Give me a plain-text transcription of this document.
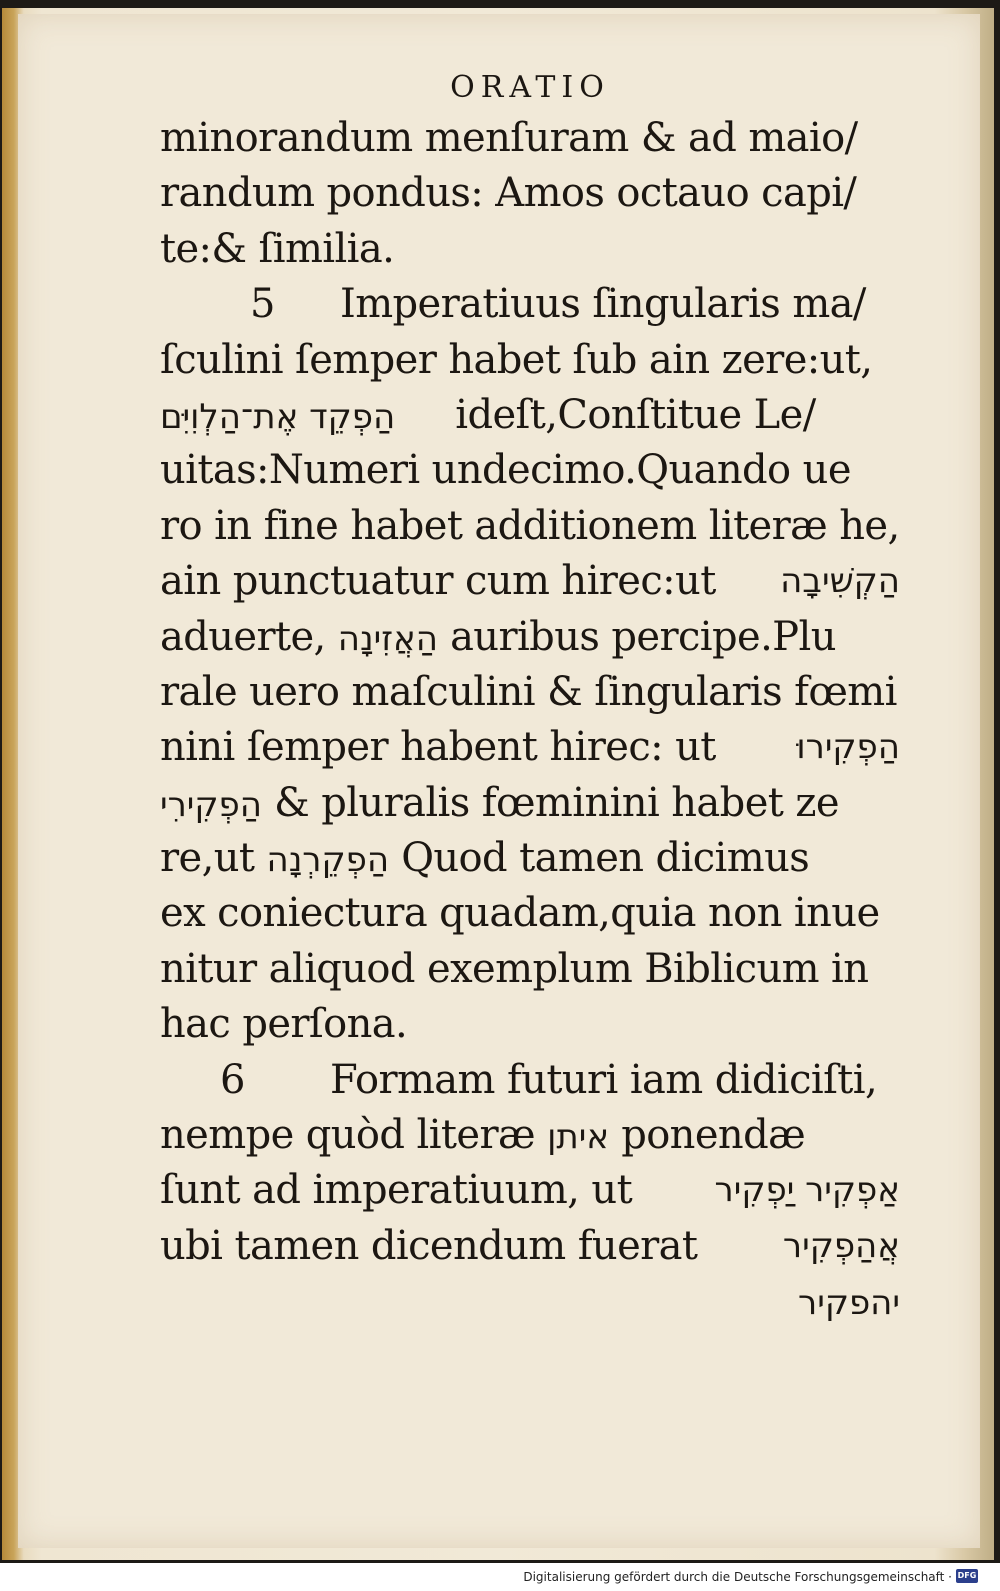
ORATIO
minorandum menſuram & ad maio/
randum pondus: Amos octauo capi/
te:& ſimilia.
5 Imperatiuus ſingularis ma/
ſculini ſemper habet ſub ain zere:ut,
הַפְקֵד אֶת־הַלְוִיִּם ideſt,Conſtitue Le/
uitas:Numeri undecimo.Quando ue
ro in fine habet additionem literæ he,
ain punctuatur cum hirec:ut הַקְשִׁיבָה
aduerte, הַאֲזִינָה auribus percipe.Plu
rale uero maſculini & ſingularis fœmi
nini ſemper habent hirec: ut הַפְקִירוּ
הַפְקִירִי & pluralis fœminini habet ze
re,ut הַפְקֵרְנָה Quod tamen dicimus
ex coniectura quadam,quia non inue
nitur aliquod exemplum Biblicum in
hac perſona.
6 Formam futuri iam didiciſti,
nempe quòd literæ איתן ponendæ
ſunt ad imperatiuum, ut אַפְקִיר יַפְקִיר
ubi tamen dicendum fuerat	אֲהַפְקִיר
יהפקיר
Digitalisierung gefördert durch die Deutsche Forschungsgemeinschaft · DFG
